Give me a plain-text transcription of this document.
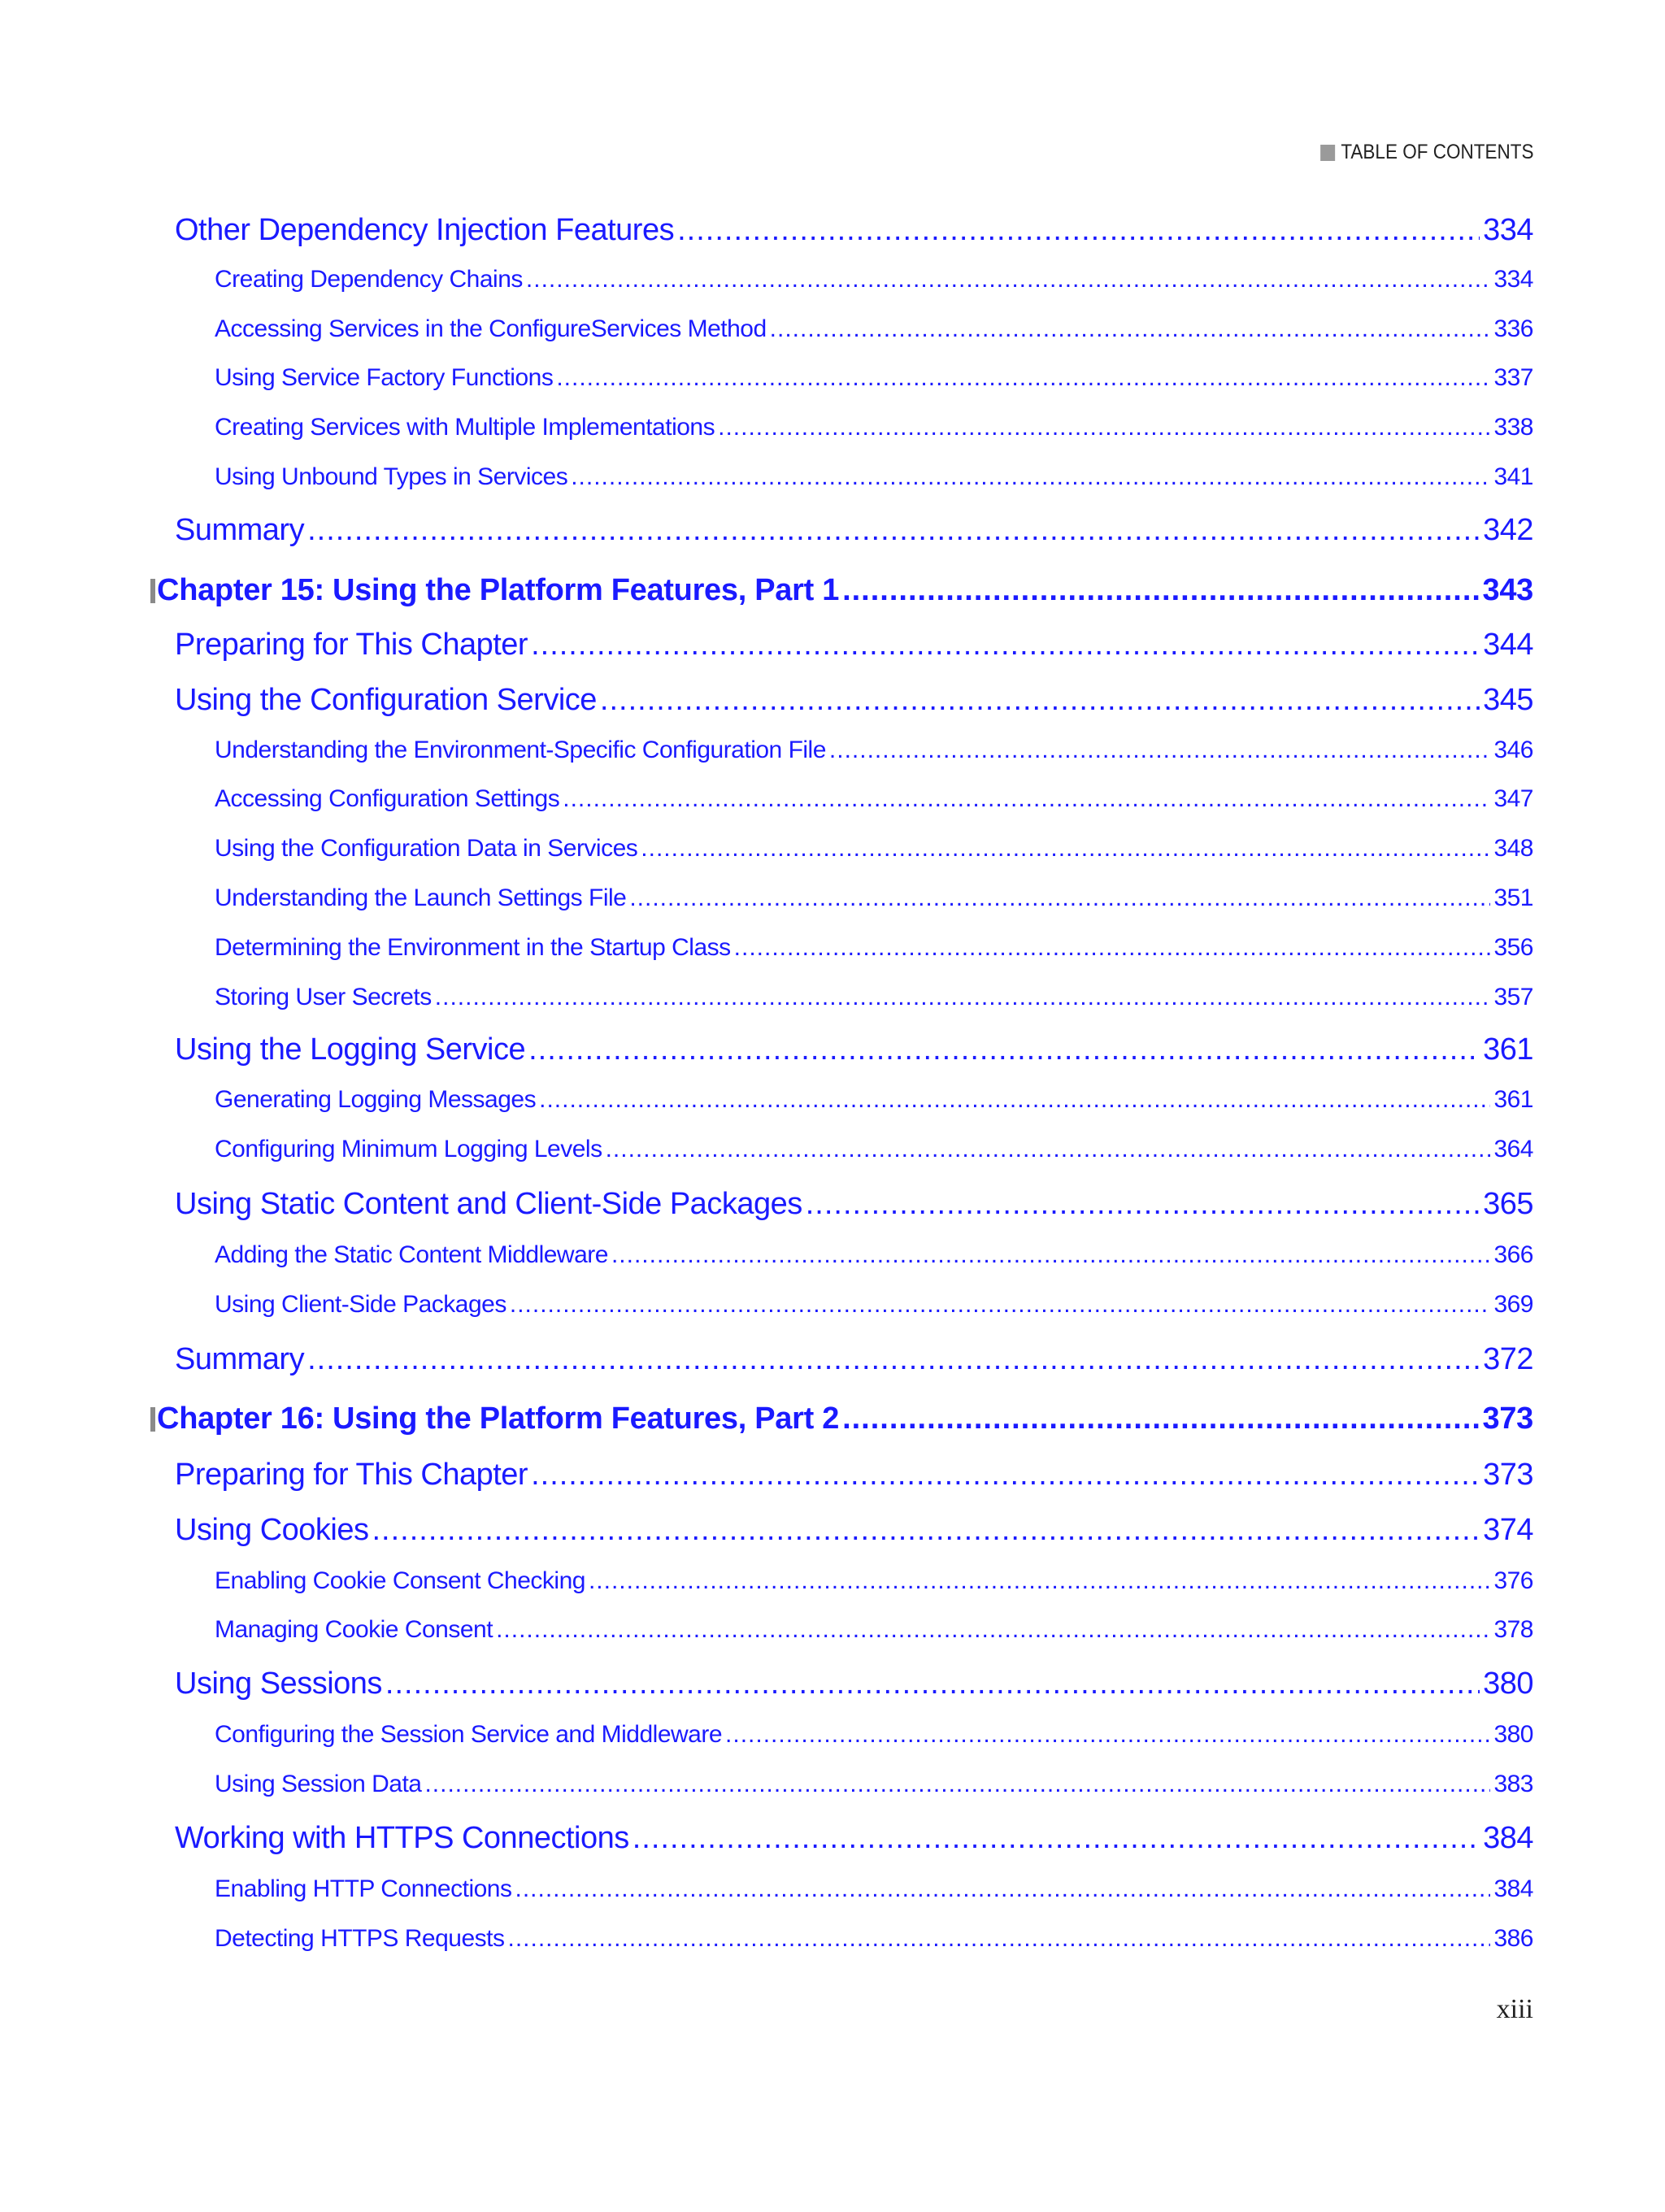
TABLE OF CONTENTS
Other Dependency Injection Features .....	334
Creating Dependency Chains .....	334
Accessing Services in the ConfigureServices Method .....	336
Using Service Factory Functions .....	337
Creating Services with Multiple Implementations .....	338
Using Unbound Types in Services .....	341
Summary .....	342
Chapter 15: Using the Platform Features, Part 1 .....	343
Preparing for This Chapter .....	344
Using the Configuration Service .....	345
Understanding the Environment-Specific Configuration File .....	346
Accessing Configuration Settings .....	347
Using the Configuration Data in Services .....	348
Understanding the Launch Settings File .....	351
Determining the Environment in the Startup Class .....	356
Storing User Secrets .....	357
Using the Logging Service .....	361
Generating Logging Messages .....	361
Configuring Minimum Logging Levels .....	364
Using Static Content and Client-Side Packages .....	365
Adding the Static Content Middleware .....	366
Using Client-Side Packages .....	369
Summary .....	372
Chapter 16: Using the Platform Features, Part 2 .....	373
Preparing for This Chapter .....	373
Using Cookies .....	374
Enabling Cookie Consent Checking .....	376
Managing Cookie Consent .....	378
Using Sessions .....	380
Configuring the Session Service and Middleware .....	380
Using Session Data .....	383
Working with HTTPS Connections .....	384
Enabling HTTP Connections .....	384
Detecting HTTPS Requests .....	386
xiii
